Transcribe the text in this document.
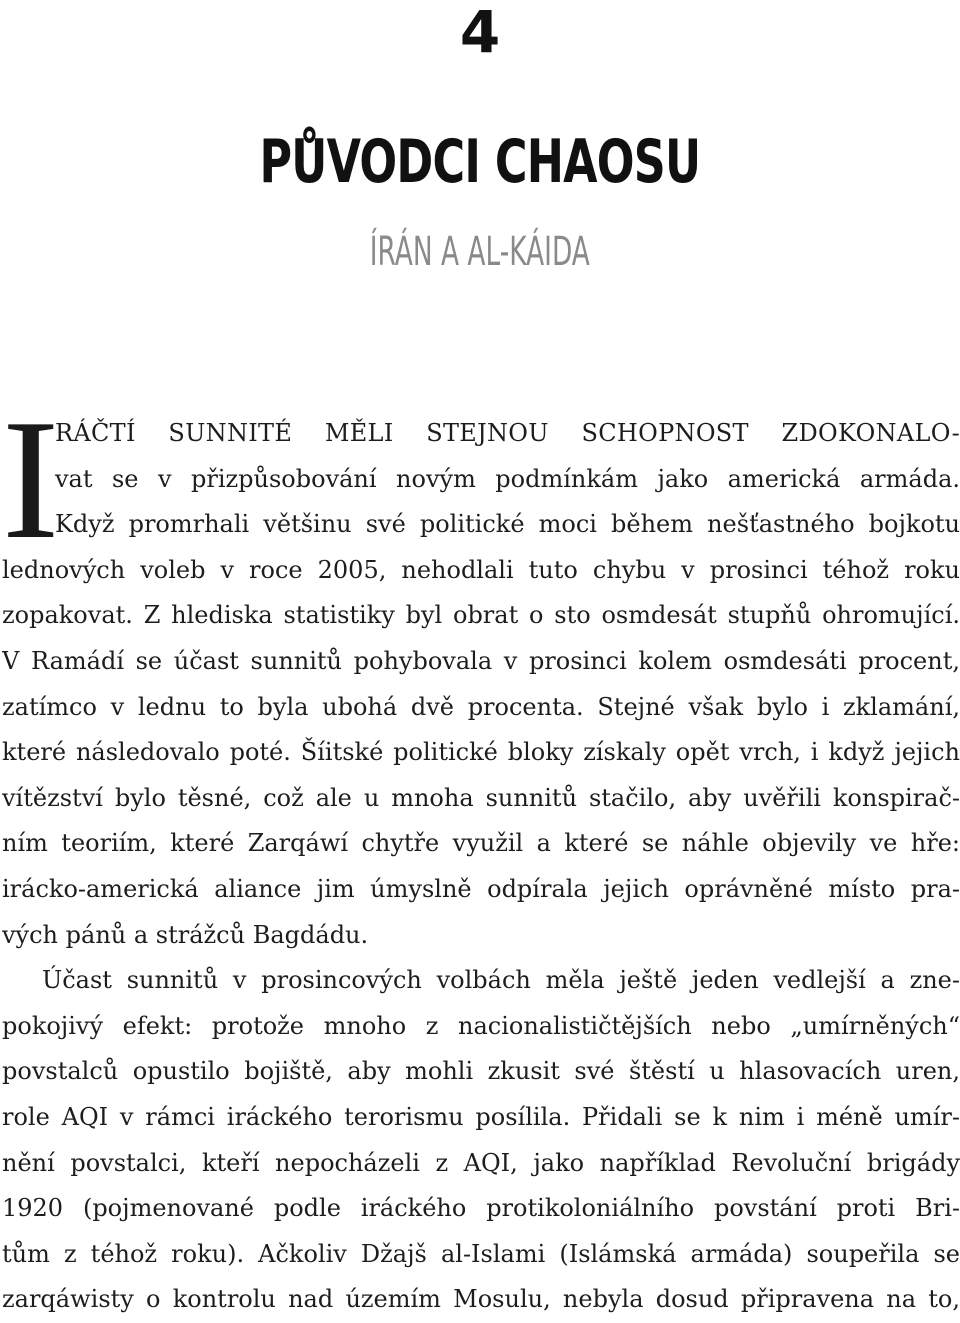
4
PŮVODCI CHAOSU
ÍRÁN A AL-KÁIDA
I
RÁČTÍ SUNNITÉ MĚLI STEJNOU SCHOPNOST ZDOKONALO-
vat se v přizpůsobování novým podmínkám jako americká armáda.
Když promrhali většinu své politické moci během nešťastného bojkotu
lednových voleb v roce 2005, nehodlali tuto chybu v prosinci téhož roku
zopakovat. Z hlediska statistiky byl obrat o sto osmdesát stupňů ohromující.
V Ramádí se účast sunnitů pohybovala v prosinci kolem osmdesáti procent,
zatímco v lednu to byla ubohá dvě procenta. Stejné však bylo i zklamání,
které následovalo poté. Šíitské politické bloky získaly opět vrch, i když jejich
vítězství bylo těsné, což ale u mnoha sunnitů stačilo, aby uvěřili konspirač-
ním teoriím, které Zarqáwí chytře využil a které se náhle objevily ve hře:
irácko-americká aliance jim úmyslně odpírala jejich oprávněné místo pra-
vých pánů a strážců Bagdádu.
Účast sunnitů v prosincových volbách měla ještě jeden vedlejší a zne-
pokojivý efekt: protože mnoho z nacionalističtějších nebo „umírněných“
povstalců opustilo bojiště, aby mohli zkusit své štěstí u hlasovacích uren,
role AQI v rámci iráckého terorismu posílila. Přidali se k nim i méně umír-
nění povstalci, kteří nepocházeli z AQI, jako například Revoluční brigády
1920 (pojmenované podle iráckého protikoloniálního povstání proti Bri-
tům z téhož roku). Ačkoliv Džajš al-Islami (Islámská armáda) soupeřila se
zarqáwisty o kontrolu nad územím Mosulu, nebyla dosud připravena na to,
